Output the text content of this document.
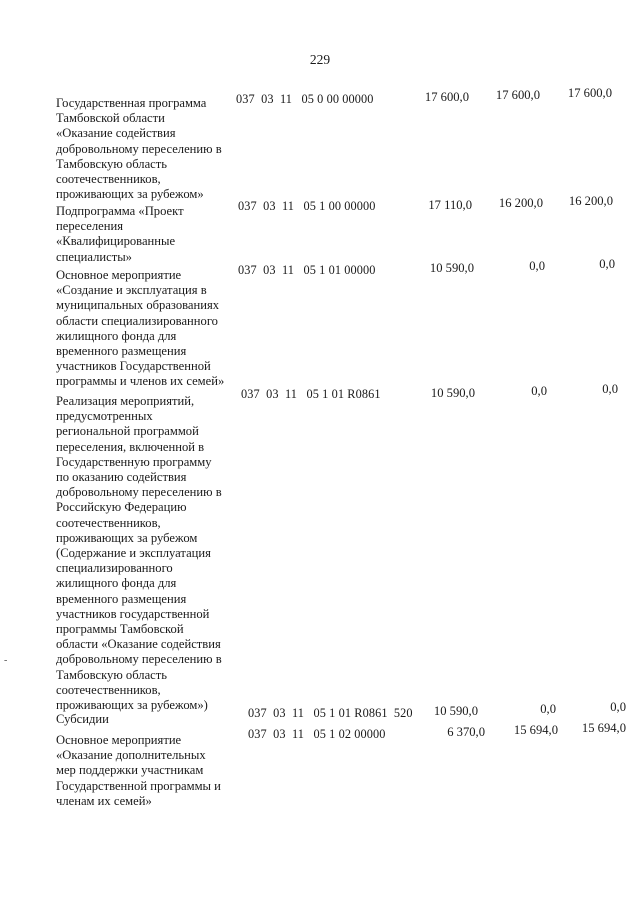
229
-
Государственная программа
Тамбовской области
«Оказание содействия
добровольному переселению в
Тамбовскую область
соотечественников,
проживающих за рубежом»
037  03  11   05 0 00 00000	17 600,0	17 600,0	17 600,0
Подпрограмма «Проект
переселения
«Квалифицированные
специалисты»
037  03  11   05 1 00 00000	17 110,0	16 200,0	16 200,0
Основное мероприятие
«Создание и эксплуатация в
муниципальных образованиях
области специализированного
жилищного фонда для
временного размещения
участников Государственной
программы и членов их семей»
037  03  11   05 1 01 00000	10 590,0	0,0	0,0
Реализация мероприятий,
предусмотренных
региональной программой
переселения, включенной в
Государственную программу
по оказанию содействия
добровольному переселению в
Российскую Федерацию
соотечественников,
проживающих за рубежом
(Содержание и эксплуатация
специализированного
жилищного фонда для
временного размещения
участников государственной
программы Тамбовской
области «Оказание содействия
добровольному переселению в
Тамбовскую область
соотечественников,
проживающих за рубежом»)
037  03  11   05 1 01 R0861	10 590,0	0,0	0,0
Субсидии	037  03  11   05 1 01 R0861  520	10 590,0	0,0	0,0
Основное мероприятие
«Оказание дополнительных
мер поддержки участникам
Государственной программы и
членам их семей»
037  03  11   05 1 02 00000	6 370,0	15 694,0	15 694,0
